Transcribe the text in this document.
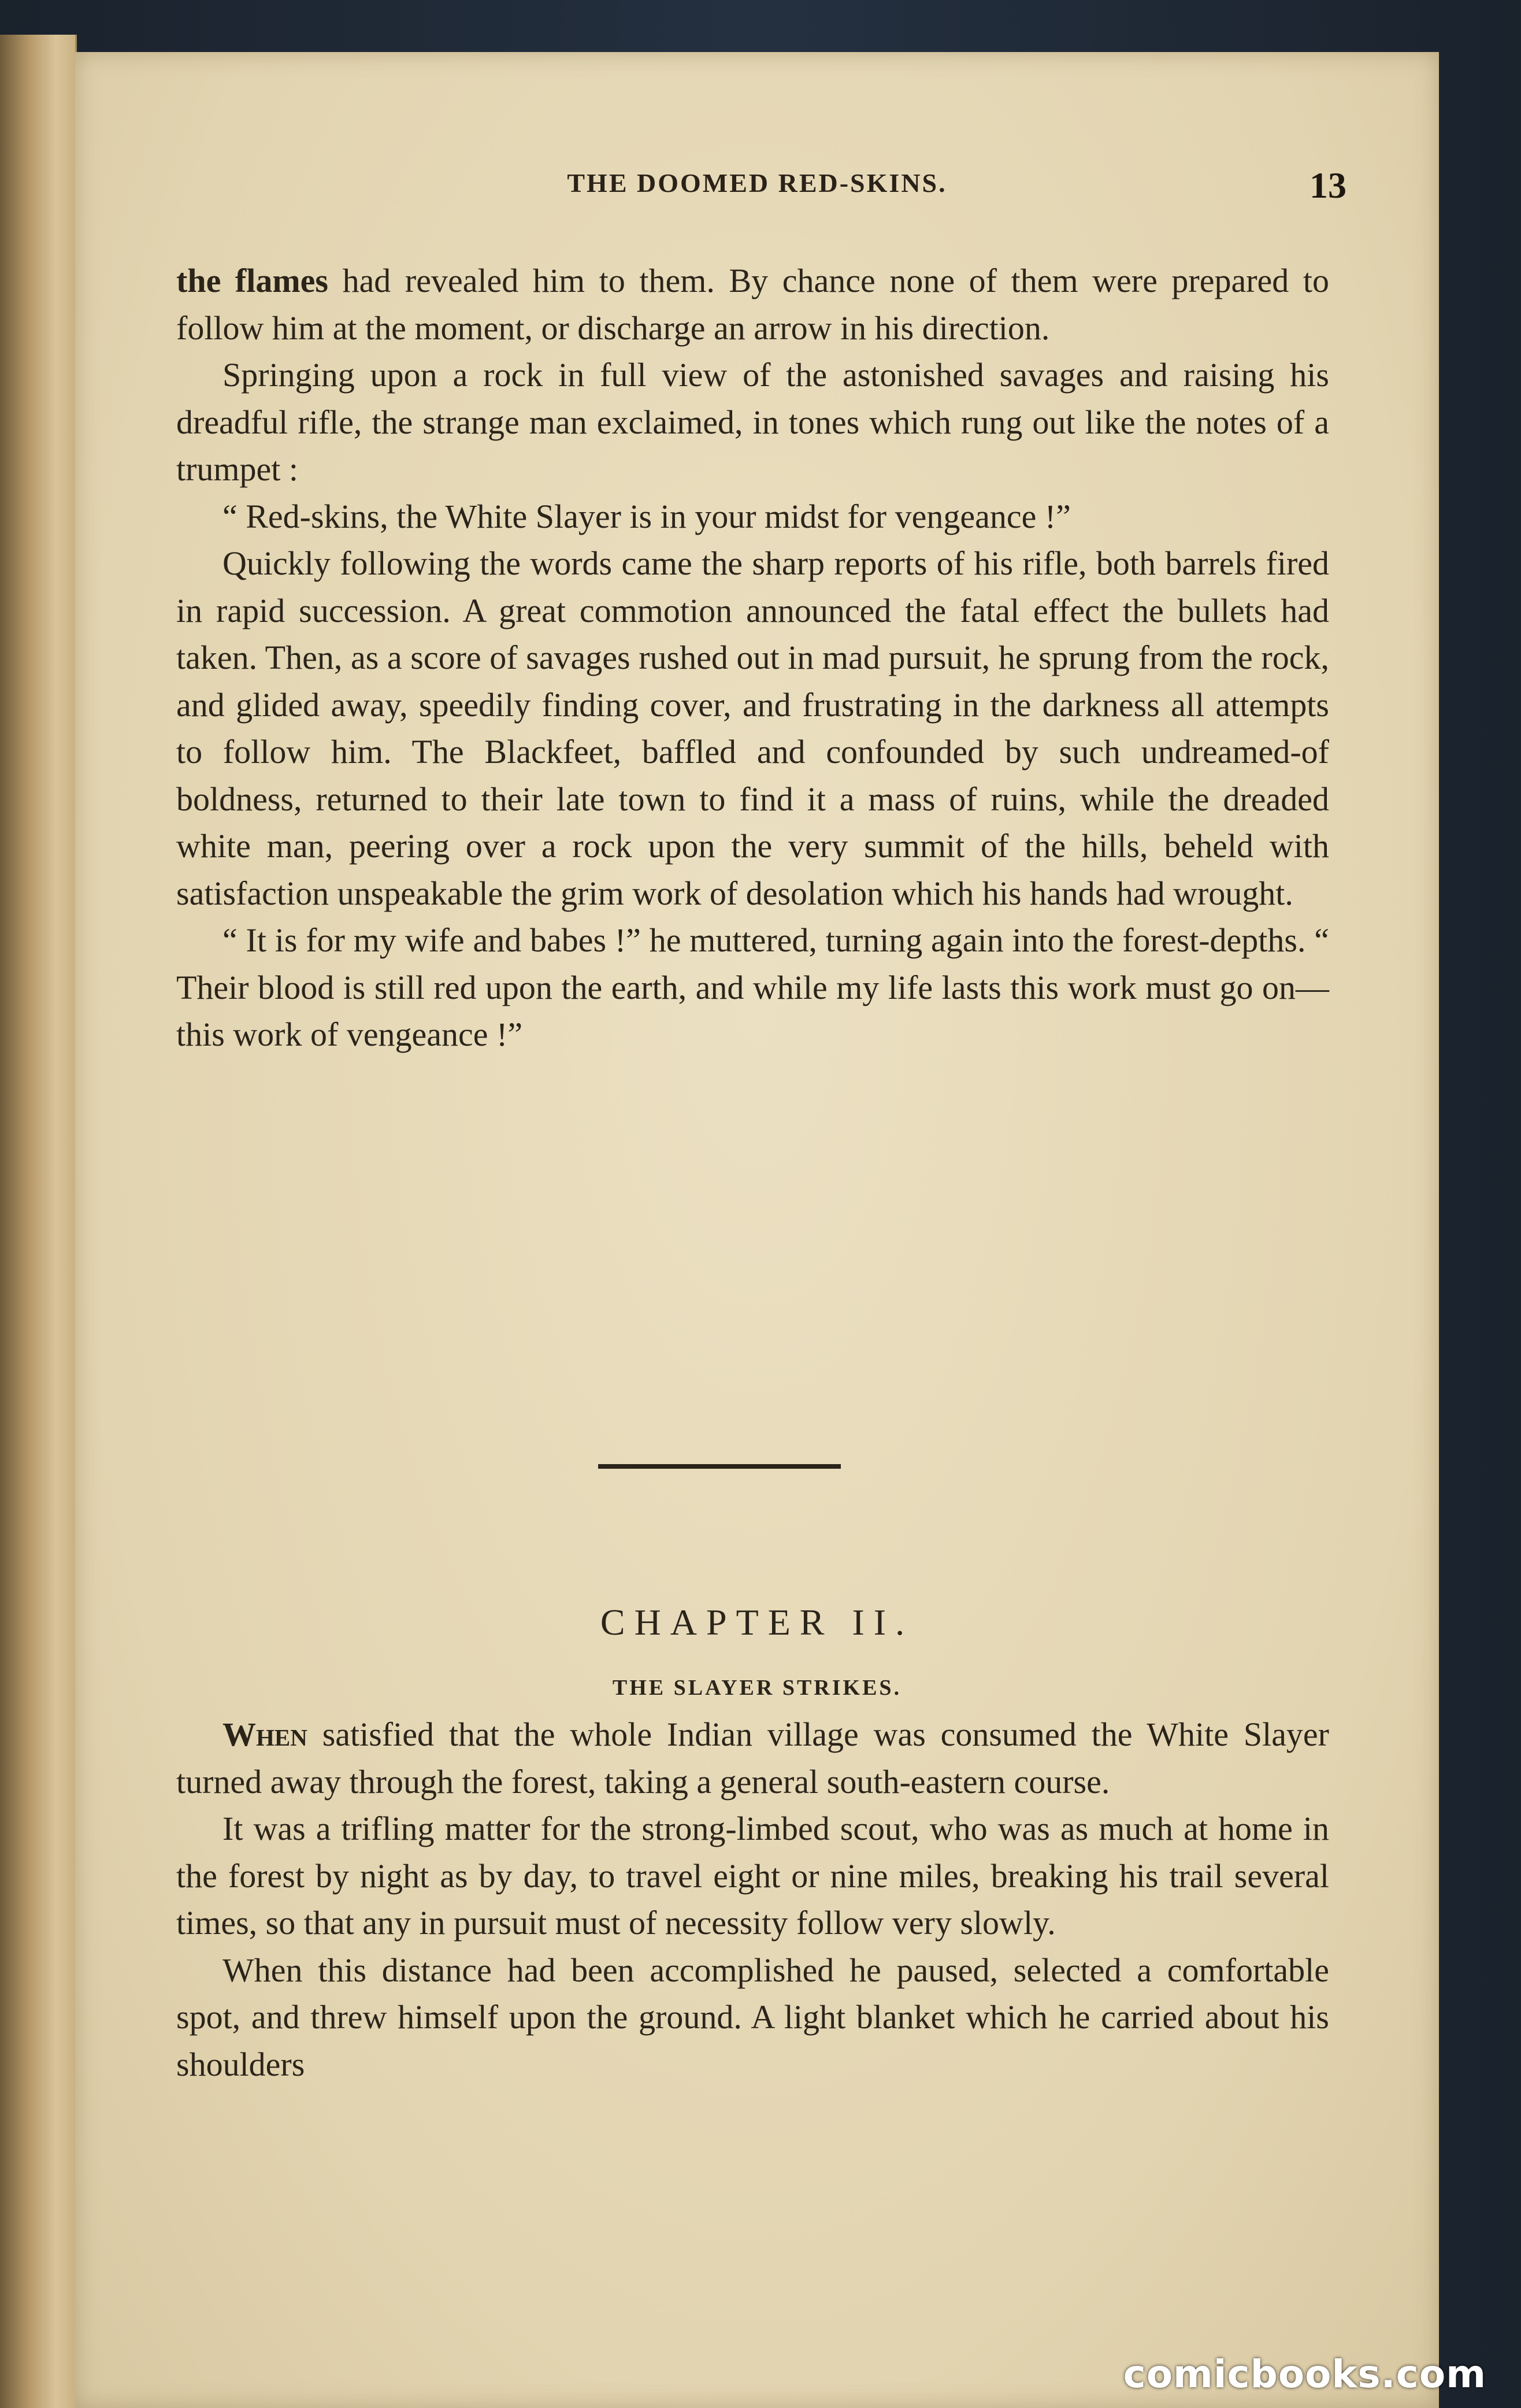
THE DOOMED RED-SKINS.	13

the flames had revealed him to them. By chance none of them were prepared to follow him at the moment, or discharge an arrow in his direction.

Springing upon a rock in full view of the astonished savages and raising his dreadful rifle, the strange man exclaimed, in tones which rung out like the notes of a trumpet :

“ Red-skins, the White Slayer is in your midst for vengeance !”

Quickly following the words came the sharp reports of his rifle, both barrels fired in rapid succession. A great commotion announced the fatal effect the bullets had taken. Then, as a score of savages rushed out in mad pursuit, he sprung from the rock, and glided away, speedily finding cover, and frustrating in the darkness all attempts to follow him. The Blackfeet, baffled and confounded by such undreamed-of boldness, returned to their late town to find it a mass of ruins, while the dreaded white man, peering over a rock upon the very summit of the hills, beheld with satisfaction unspeakable the grim work of desolation which his hands had wrought.

“ It is for my wife and babes !” he muttered, turning again into the forest-depths. “ Their blood is still red upon the earth, and while my life lasts this work must go on—this work of vengeance !”

CHAPTER II.
THE SLAYER STRIKES.

When satisfied that the whole Indian village was consumed the White Slayer turned away through the forest, taking a general south-eastern course.

It was a trifling matter for the strong-limbed scout, who was as much at home in the forest by night as by day, to travel eight or nine miles, breaking his trail several times, so that any in pursuit must of necessity follow very slowly.

When this distance had been accomplished he paused, selected a comfortable spot, and threw himself upon the ground. A light blanket which he carried about his shoulders

comicbooks.com
